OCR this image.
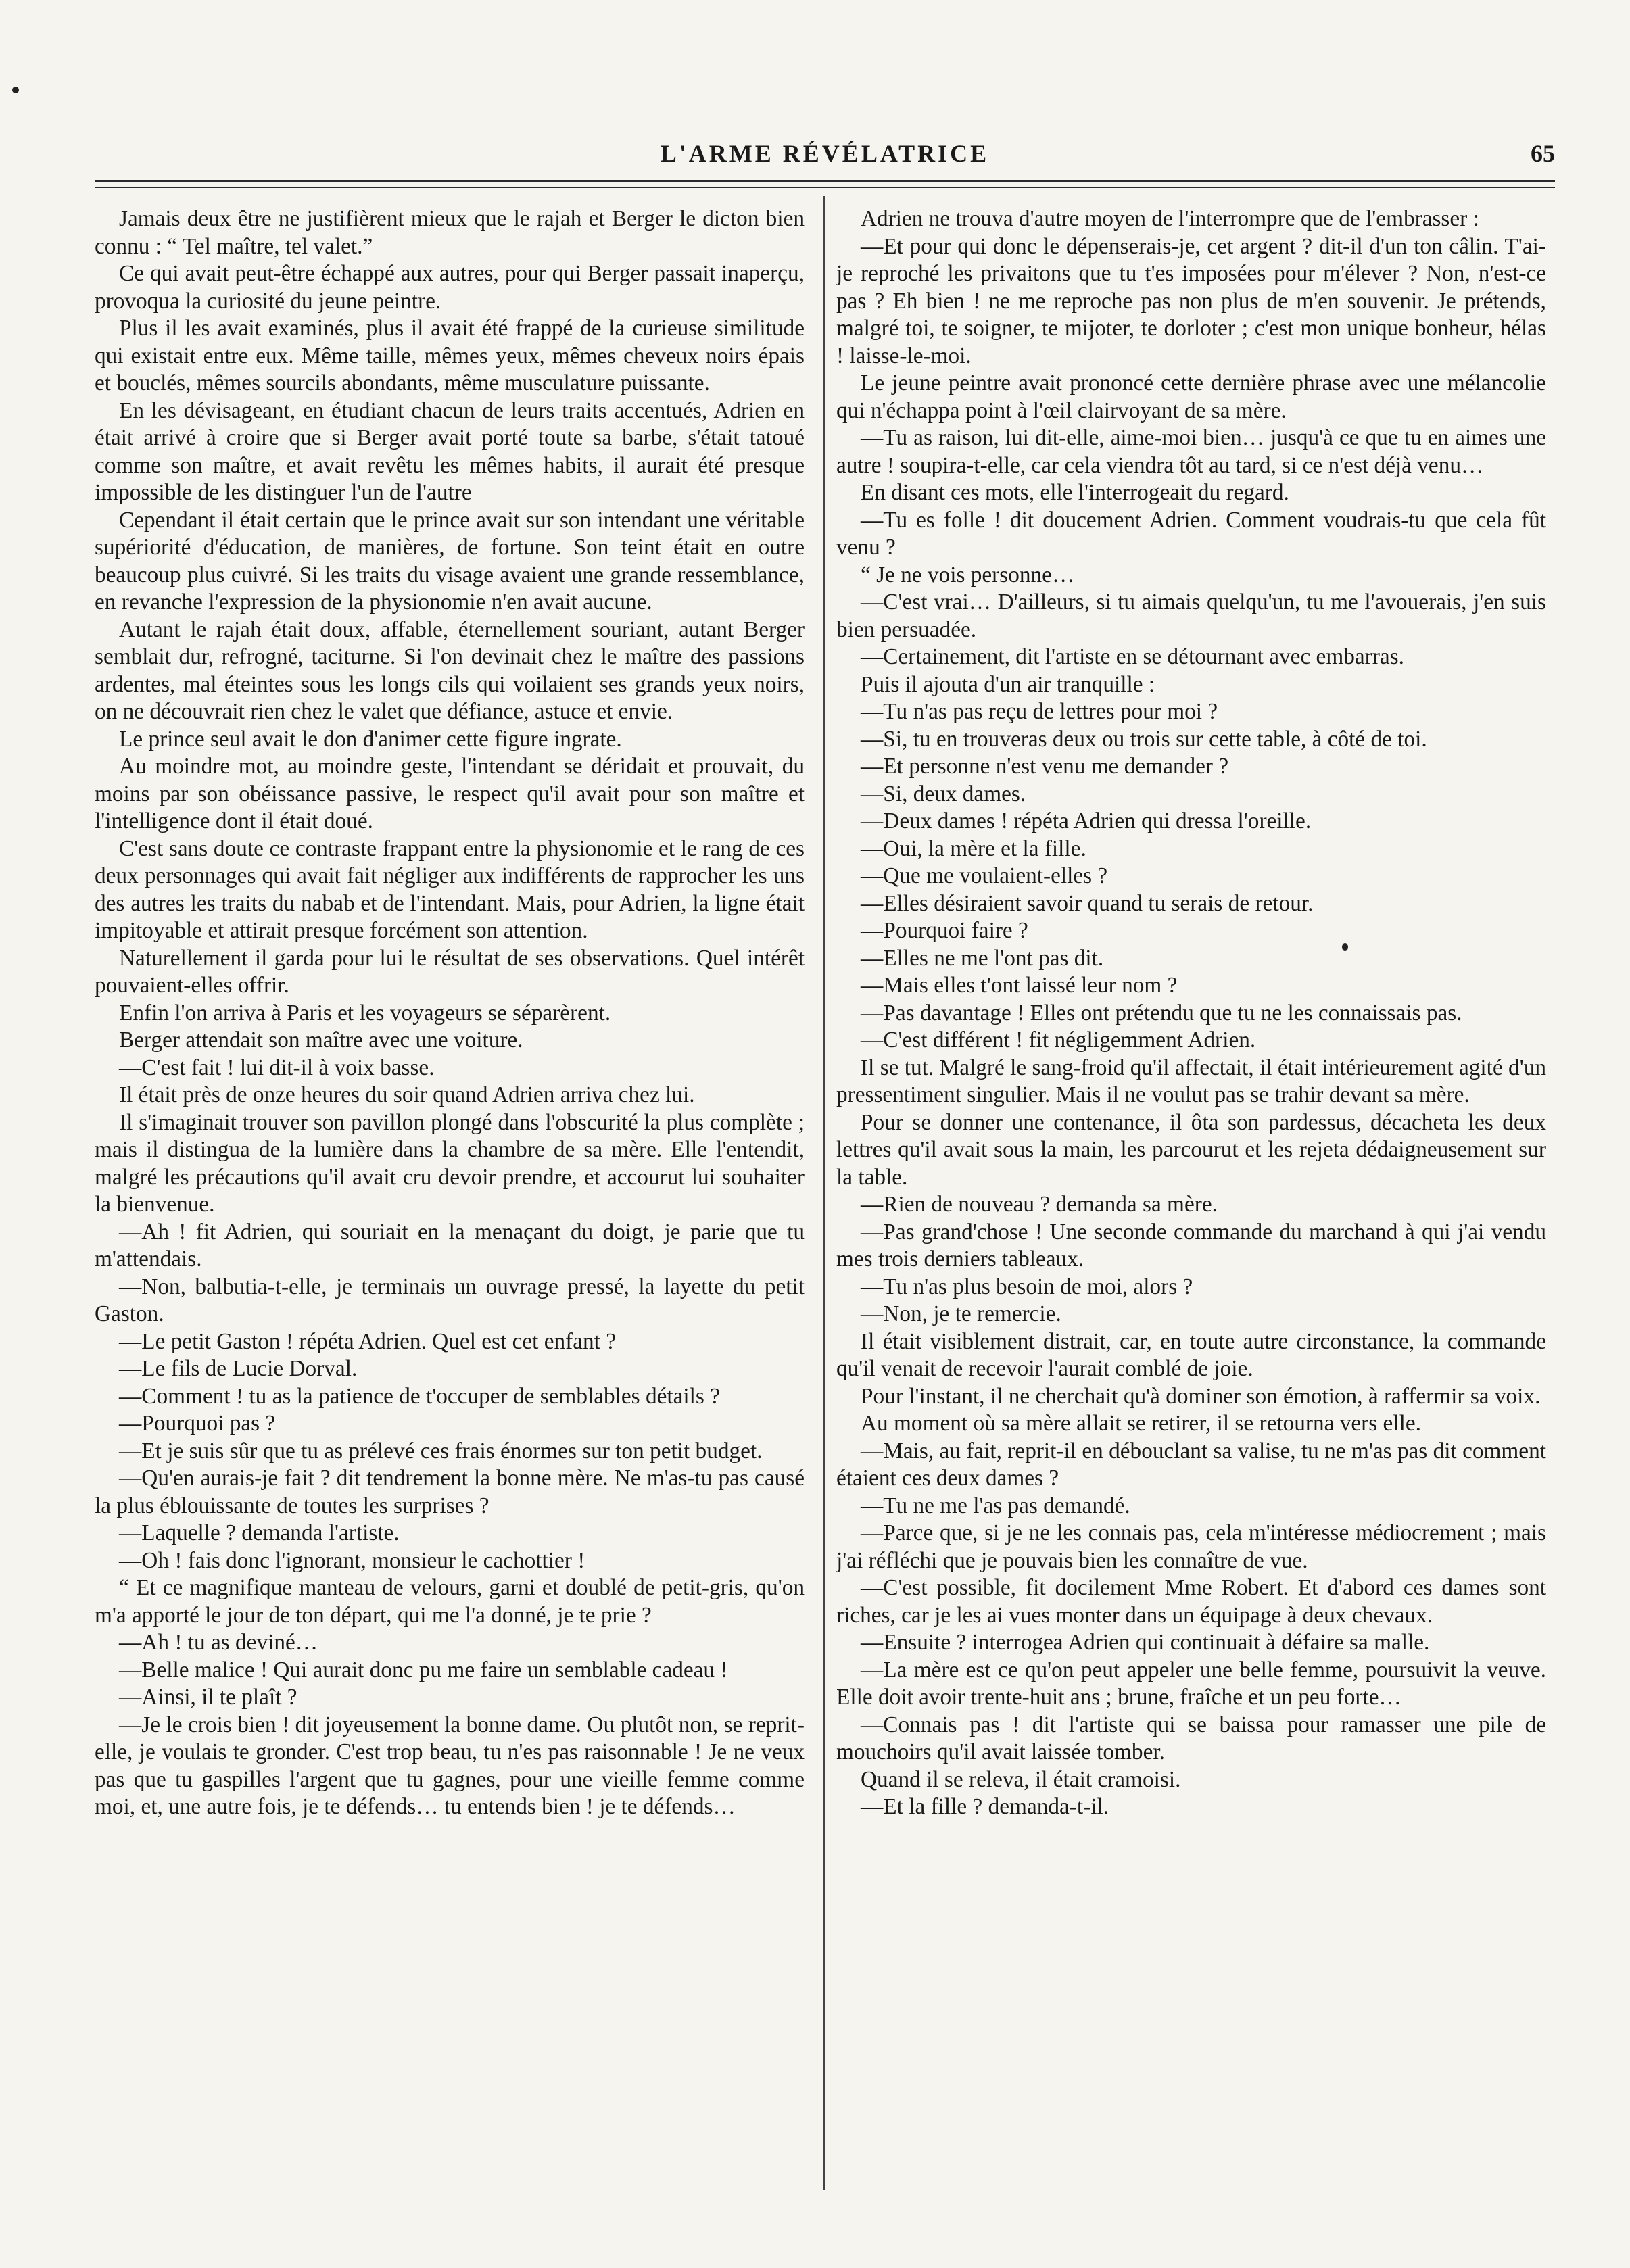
L'ARME RÉVÉLATRICE	65

Jamais deux être ne justifièrent mieux que le rajah et Berger le dicton bien connu : “ Tel maître, tel valet.”

Ce qui avait peut-être échappé aux autres, pour qui Berger passait inaperçu, provoqua la curiosité du jeune peintre.

Plus il les avait examinés, plus il avait été frappé de la curieuse similitude qui existait entre eux. Même taille, mêmes yeux, mêmes cheveux noirs épais et bouclés, mêmes sourcils abondants, même musculature puissante.

En les dévisageant, en étudiant chacun de leurs traits accentués, Adrien en était arrivé à croire que si Berger avait porté toute sa barbe, s'était tatoué comme son maître, et avait revêtu les mêmes habits, il aurait été presque impossible de les distinguer l'un de l'autre

Cependant il était certain que le prince avait sur son intendant une véritable supériorité d'éducation, de manières, de fortune. Son teint était en outre beaucoup plus cuivré. Si les traits du visage avaient une grande ressemblance, en revanche l'expression de la physionomie n'en avait aucune.

Autant le rajah était doux, affable, éternellement souriant, autant Berger semblait dur, refrogné, taciturne. Si l'on devinait chez le maître des passions ardentes, mal éteintes sous les longs cils qui voilaient ses grands yeux noirs, on ne découvrait rien chez le valet que défiance, astuce et envie.

Le prince seul avait le don d'animer cette figure ingrate.

Au moindre mot, au moindre geste, l'intendant se déridait et prouvait, du moins par son obéissance passive, le respect qu'il avait pour son maître et l'intelligence dont il était doué.

C'est sans doute ce contraste frappant entre la physionomie et le rang de ces deux personnages qui avait fait négliger aux indifférents de rapprocher les uns des autres les traits du nabab et de l'intendant. Mais, pour Adrien, la ligne était impitoyable et attirait presque forcément son attention.

Naturellement il garda pour lui le résultat de ses observations. Quel intérêt pouvaient-elles offrir.

Enfin l'on arriva à Paris et les voyageurs se séparèrent.

Berger attendait son maître avec une voiture.

—C'est fait ! lui dit-il à voix basse.

Il était près de onze heures du soir quand Adrien arriva chez lui.

Il s'imaginait trouver son pavillon plongé dans l'obscurité la plus complète ; mais il distingua de la lumière dans la chambre de sa mère. Elle l'entendit, malgré les précautions qu'il avait cru devoir prendre, et accourut lui souhaiter la bienvenue.

—Ah ! fit Adrien, qui souriait en la menaçant du doigt, je parie que tu m'attendais.

—Non, balbutia-t-elle, je terminais un ouvrage pressé, la layette du petit Gaston.

—Le petit Gaston ! répéta Adrien. Quel est cet enfant ?

—Le fils de Lucie Dorval.

—Comment ! tu as la patience de t'occuper de semblables détails ?

—Pourquoi pas ?

—Et je suis sûr que tu as prélevé ces frais énormes sur ton petit budget.

—Qu'en aurais-je fait ? dit tendrement la bonne mère. Ne m'as-tu pas causé la plus éblouissante de toutes les surprises ?

—Laquelle ? demanda l'artiste.

—Oh ! fais donc l'ignorant, monsieur le cachottier !

“ Et ce magnifique manteau de velours, garni et doublé de petit-gris, qu'on m'a apporté le jour de ton départ, qui me l'a donné, je te prie ?

—Ah ! tu as deviné…

—Belle malice ! Qui aurait donc pu me faire un semblable cadeau !

—Ainsi, il te plaît ?

—Je le crois bien ! dit joyeusement la bonne dame. Ou plutôt non, se reprit-elle, je voulais te gronder. C'est trop beau, tu n'es pas raisonnable ! Je ne veux pas que tu gaspilles l'argent que tu gagnes, pour une vieille femme comme moi, et, une autre fois, je te défends… tu entends bien ! je te défends…

Adrien ne trouva d'autre moyen de l'interrompre que de l'embrasser :

—Et pour qui donc le dépenserais-je, cet argent ? dit-il d'un ton câlin. T'ai-je reproché les privaitons que tu t'es imposées pour m'élever ? Non, n'est-ce pas ? Eh bien ! ne me reproche pas non plus de m'en souvenir. Je prétends, malgré toi, te soigner, te mijoter, te dorloter ; c'est mon unique bonheur, hélas ! laisse-le-moi.

Le jeune peintre avait prononcé cette dernière phrase avec une mélancolie qui n'échappa point à l'œil clairvoyant de sa mère.

—Tu as raison, lui dit-elle, aime-moi bien… jusqu'à ce que tu en aimes une autre ! soupira-t-elle, car cela viendra tôt au tard, si ce n'est déjà venu…

En disant ces mots, elle l'interrogeait du regard.

—Tu es folle ! dit doucement Adrien. Comment voudrais-tu que cela fût venu ?

“ Je ne vois personne…

—C'est vrai… D'ailleurs, si tu aimais quelqu'un, tu me l'avouerais, j'en suis bien persuadée.

—Certainement, dit l'artiste en se détournant avec embarras.

Puis il ajouta d'un air tranquille :

—Tu n'as pas reçu de lettres pour moi ?

—Si, tu en trouveras deux ou trois sur cette table, à côté de toi.

—Et personne n'est venu me demander ?

—Si, deux dames.

—Deux dames ! répéta Adrien qui dressa l'oreille.

—Oui, la mère et la fille.

—Que me voulaient-elles ?

—Elles désiraient savoir quand tu serais de retour.

—Pourquoi faire ?

—Elles ne me l'ont pas dit.

—Mais elles t'ont laissé leur nom ?

—Pas davantage ! Elles ont prétendu que tu ne les connaissais pas.

—C'est différent ! fit négligemment Adrien.

Il se tut. Malgré le sang-froid qu'il affectait, il était intérieurement agité d'un pressentiment singulier. Mais il ne voulut pas se trahir devant sa mère.

Pour se donner une contenance, il ôta son pardessus, décacheta les deux lettres qu'il avait sous la main, les parcourut et les rejeta dédaigneusement sur la table.

—Rien de nouveau ? demanda sa mère.

—Pas grand'chose ! Une seconde commande du marchand à qui j'ai vendu mes trois derniers tableaux.

—Tu n'as plus besoin de moi, alors ?

—Non, je te remercie.

Il était visiblement distrait, car, en toute autre circonstance, la commande qu'il venait de recevoir l'aurait comblé de joie.

Pour l'instant, il ne cherchait qu'à dominer son émotion, à raffermir sa voix.

Au moment où sa mère allait se retirer, il se retourna vers elle.

—Mais, au fait, reprit-il en débouclant sa valise, tu ne m'as pas dit comment étaient ces deux dames ?

—Tu ne me l'as pas demandé.

—Parce que, si je ne les connais pas, cela m'intéresse médiocrement ; mais j'ai réfléchi que je pouvais bien les connaître de vue.

—C'est possible, fit docilement Mme Robert. Et d'abord ces dames sont riches, car je les ai vues monter dans un équipage à deux chevaux.

—Ensuite ? interrogea Adrien qui continuait à défaire sa malle.

—La mère est ce qu'on peut appeler une belle femme, poursuivit la veuve. Elle doit avoir trente-huit ans ; brune, fraîche et un peu forte…

—Connais pas ! dit l'artiste qui se baissa pour ramasser une pile de mouchoirs qu'il avait laissée tomber.

Quand il se releva, il était cramoisi.

—Et la fille ? demanda-t-il.
